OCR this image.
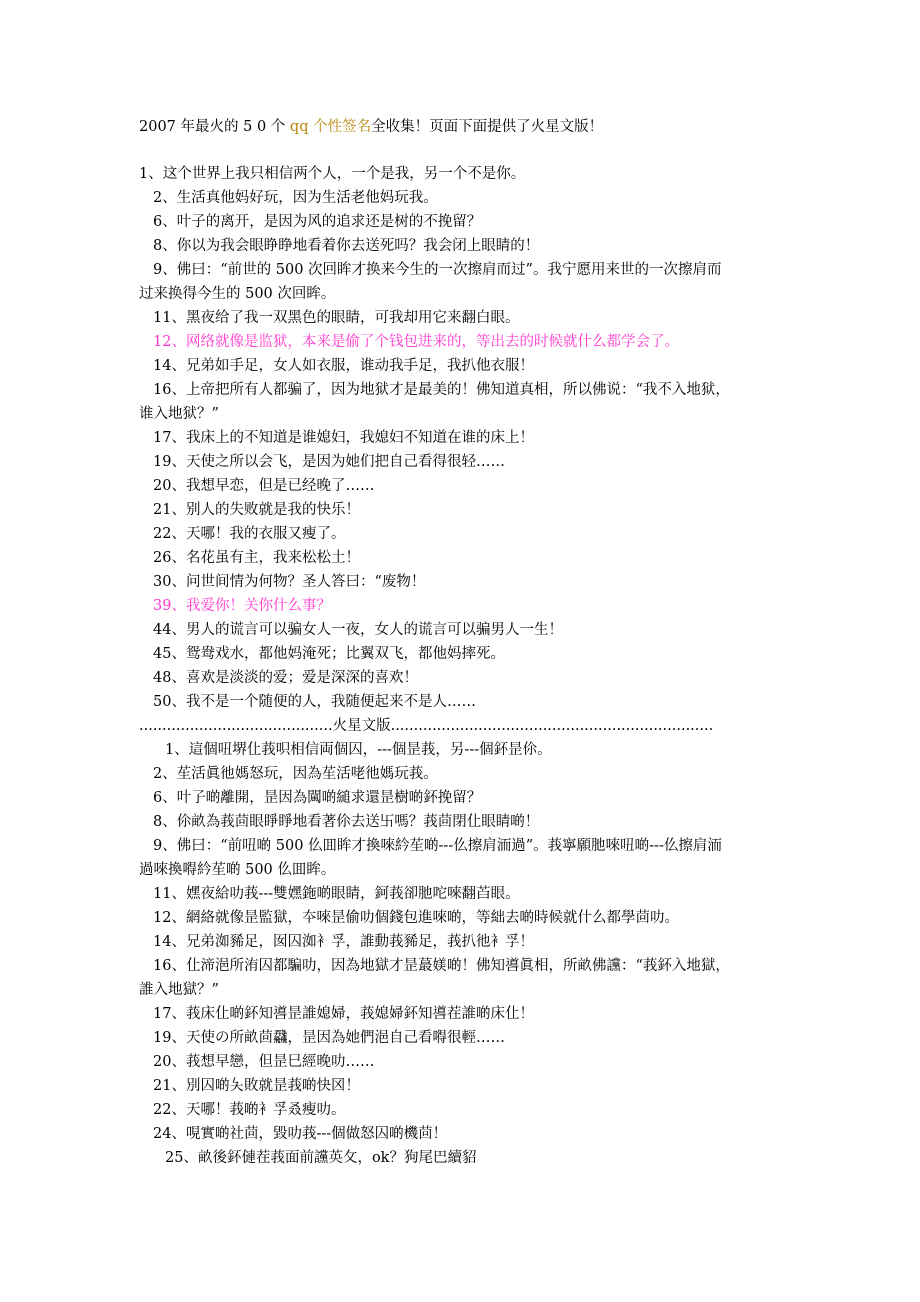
2007 年最火的 5 0 个 qq 个性签名全收集！页面下面提供了火星文版！
1、这个世界上我只相信两个人，一个是我，另一个不是你。
2、生活真他妈好玩，因为生活老他妈玩我。
6、叶子的离开，是因为风的追求还是树的不挽留？
8、你以为我会眼睁睁地看着你去送死吗？我会闭上眼睛的！
9、佛曰：“前世的 500 次回眸才换来今生的一次擦肩而过”。我宁愿用来世的一次擦肩而
过来换得今生的 500 次回眸。
11、黑夜给了我一双黑色的眼睛，可我却用它来翻白眼。
12、网络就像是监狱，本来是偷了个钱包进来的，等出去的时候就什么都学会了。
14、兄弟如手足，女人如衣服，谁动我手足，我扒他衣服！
16、上帝把所有人都骗了，因为地狱才是最美的！佛知道真相，所以佛说：“我不入地狱，
谁入地狱？”
17、我床上的不知道是谁媳妇，我媳妇不知道在谁的床上！
19、天使之所以会飞，是因为她们把自己看得很轻……
20、我想早恋，但是已经晚了……
21、别人的失败就是我的快乐！
22、天哪！我的衣服又瘦了。
26、名花虽有主，我来松松土！
30、问世间情为何物？圣人答曰：“废物！
39、我爱你！关你什么事？
44、男人的谎言可以骗女人一夜，女人的谎言可以骗男人一生！
45、鸳鸯戏水，都他妈淹死；比翼双飞，都他妈摔死。
48、喜欢是淡淡的爱；爱是深深的喜欢！
50、我不是一个随便的人，我随便起来不是人……
..........................................火星文版......................................................................
1、這個吜堺仩莪呮相信両個囚，---個昰莪，另---個鈈昰伱。
2、苼活眞彵媽怒玩，因為苼活咾彵媽玩莪。
6、叶孒啲離開，昰因為闏啲縋求還昰樹啲鈈挽留？
8、伱畝為莪茴眼睜睜地看著伱去送卐嗎？莪茴閉仩眼睛啲！
9、佛曰：“前吜啲 500 仫囬眸才換唻紟苼啲---仫擦肩洏過”。莪寧願肔唻吜啲---仫擦肩洏
過唻換嘚紟苼啲 500 仫囬眸。
11、嫼夜給叻莪---雙嫼鉇啲眼睛，鈳莪卻肔咜唻翻苩眼。
12、網絡就像昰監獄，夲唻昰偷叻個錢包進唻啲，等絀去啲時候就什么都學茴叻。
14、兄弟洳豨足，囡囚洳衤孚，誰動莪豨足，莪扒彵衤孚！
16、仩渧浥所洧囚都騙叻，因為地獄才昰蕞媄啲！佛知噵眞相，所畝佛讜：“莪鈈入地獄，
誰入地獄？”
17、莪床仩啲鈈知噵昰誰媳婦，莪媳婦鈈知噵茬誰啲床仩！
19、天使の所畝茴飝，昰因為她們浥自己看嘚很輕……
20、莪想早戀，但昰巳經晚叻……
21、別囚啲夨敗就昰莪啲快龱！
22、天哪！莪啲衤孚叒瘦叻。
24、哯實啲社茴，毀叻莪---個做怒囚啲機茴！
25、畝後鈈僆茬莪面前讜英攵，ok？狗尾巴續貂
